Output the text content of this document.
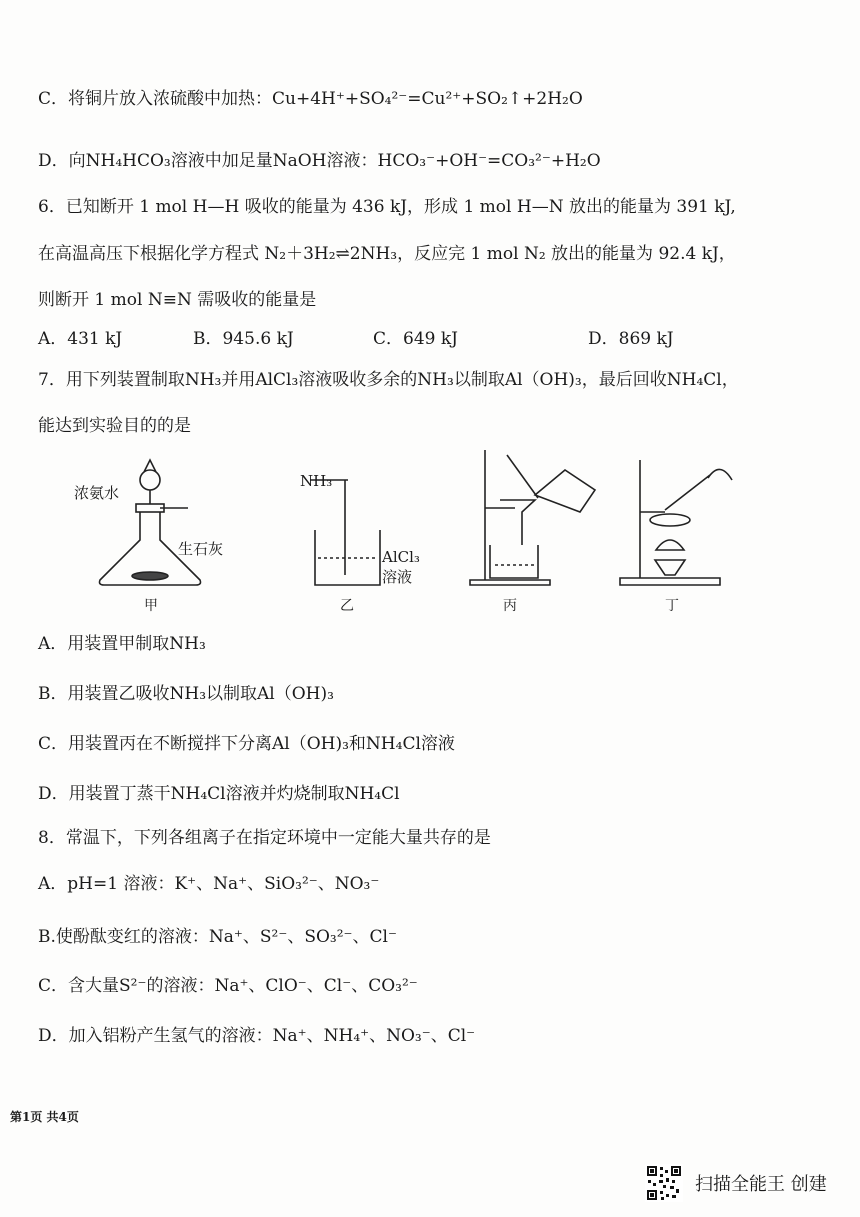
C．将铜片放入浓硫酸中加热：Cu+4H⁺+SO₄²⁻=Cu²⁺+SO₂↑+2H₂O
D．向NH₄HCO₃溶液中加足量NaOH溶液：HCO₃⁻+OH⁻=CO₃²⁻+H₂O
6．已知断开 1 mol H—H 吸收的能量为 436 kJ，形成 1 mol H—N 放出的能量为 391 kJ,
在高温高压下根据化学方程式 N₂＋3H₂⇌2NH₃，反应完 1 mol N₂ 放出的能量为 92.4 kJ，
则断开 1 mol N≡N 需吸收的能量是
A．431 kJ	B．945.6 kJ	C．649 kJ	D．869 kJ
7．用下列装置制取NH₃并用AlCl₃溶液吸收多余的NH₃以制取Al（OH)₃，最后回收NH₄Cl，
能达到实验目的的是
浓氨水
生石灰
NH₃
AlCl₃
溶液
甲	乙	丙	丁
A．用装置甲制取NH₃
B．用装置乙吸收NH₃以制取Al（OH)₃
C．用装置丙在不断搅拌下分离Al（OH)₃和NH₄Cl溶液
D．用装置丁蒸干NH₄Cl溶液并灼烧制取NH₄Cl
8．常温下，下列各组离子在指定环境中一定能大量共存的是
A．pH=1 溶液：K⁺、Na⁺、SiO₃²⁻、NO₃⁻
B.使酚酞变红的溶液：Na⁺、S²⁻、SO₃²⁻、Cl⁻
C．含大量S²⁻的溶液：Na⁺、ClO⁻、Cl⁻、CO₃²⁻
D．加入铝粉产生氢气的溶液：Na⁺、NH₄⁺、NO₃⁻、Cl⁻
第1页 共4页
扫描全能王 创建
